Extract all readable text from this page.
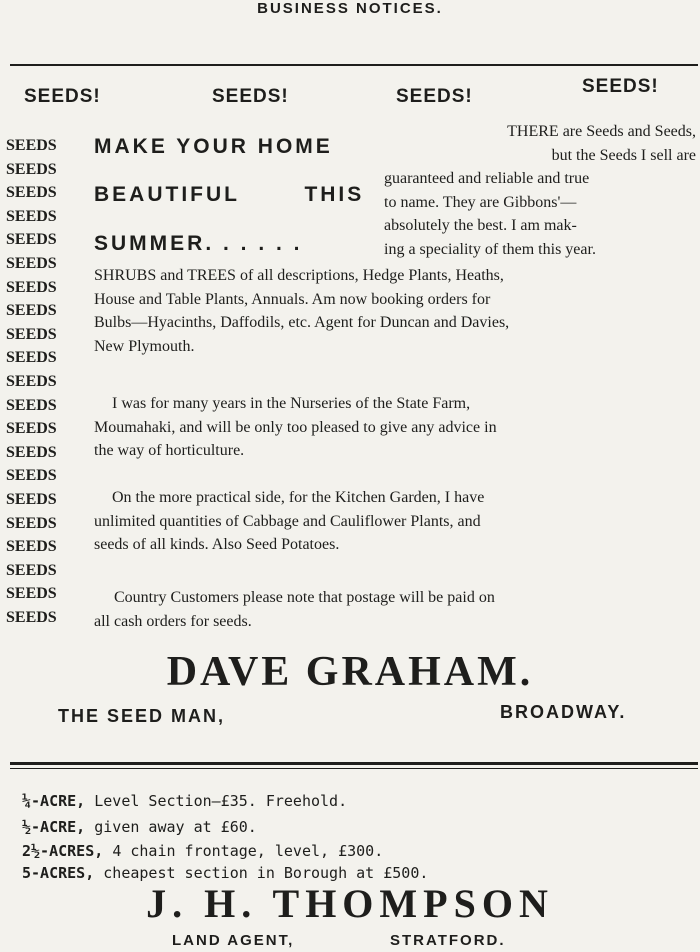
BUSINESS NOTICES.
SEEDS!	SEEDS!	SEEDS!	SEEDS!
SEEDS
SEEDS
SEEDS
SEEDS
SEEDS
SEEDS
SEEDS
SEEDS
SEEDS
SEEDS
SEEDS
SEEDS
SEEDS
SEEDS
SEEDS
SEEDS
SEEDS
SEEDS
SEEDS
SEEDS
SEEDS
MAKE YOUR HOME
BEAUTIFUL THIS
SUMMER. . . . . .
THERE are Seeds and Seeds,
but the Seeds I sell are
guaranteed and reliable and true
to name. They are Gibbons'—
absolutely the best. I am mak-
ing a speciality of them this year.
SHRUBS and TREES of all descriptions, Hedge Plants, Heaths,
House and Table Plants, Annuals. Am now booking orders for
Bulbs—Hyacinths, Daffodils, etc. Agent for Duncan and Davies,
New Plymouth.
I was for many years in the Nurseries of the State Farm,
Moumahaki, and will be only too pleased to give any advice in
the way of horticulture.
On the more practical side, for the Kitchen Garden, I have
unlimited quantities of Cabbage and Cauliflower Plants, and
seeds of all kinds. Also Seed Potatoes.
Country Customers please note that postage will be paid on
all cash orders for seeds.
DAVE GRAHAM.
THE SEED MAN,	BROADWAY.
¼-ACRE, Level Section—£35. Freehold.
½-ACRE, given away at £60.
2½-ACRES, 4 chain frontage, level, £300.
5-ACRES, cheapest section in Borough at £500.
J. H. THOMPSON
LAND AGENT,	STRATFORD.
